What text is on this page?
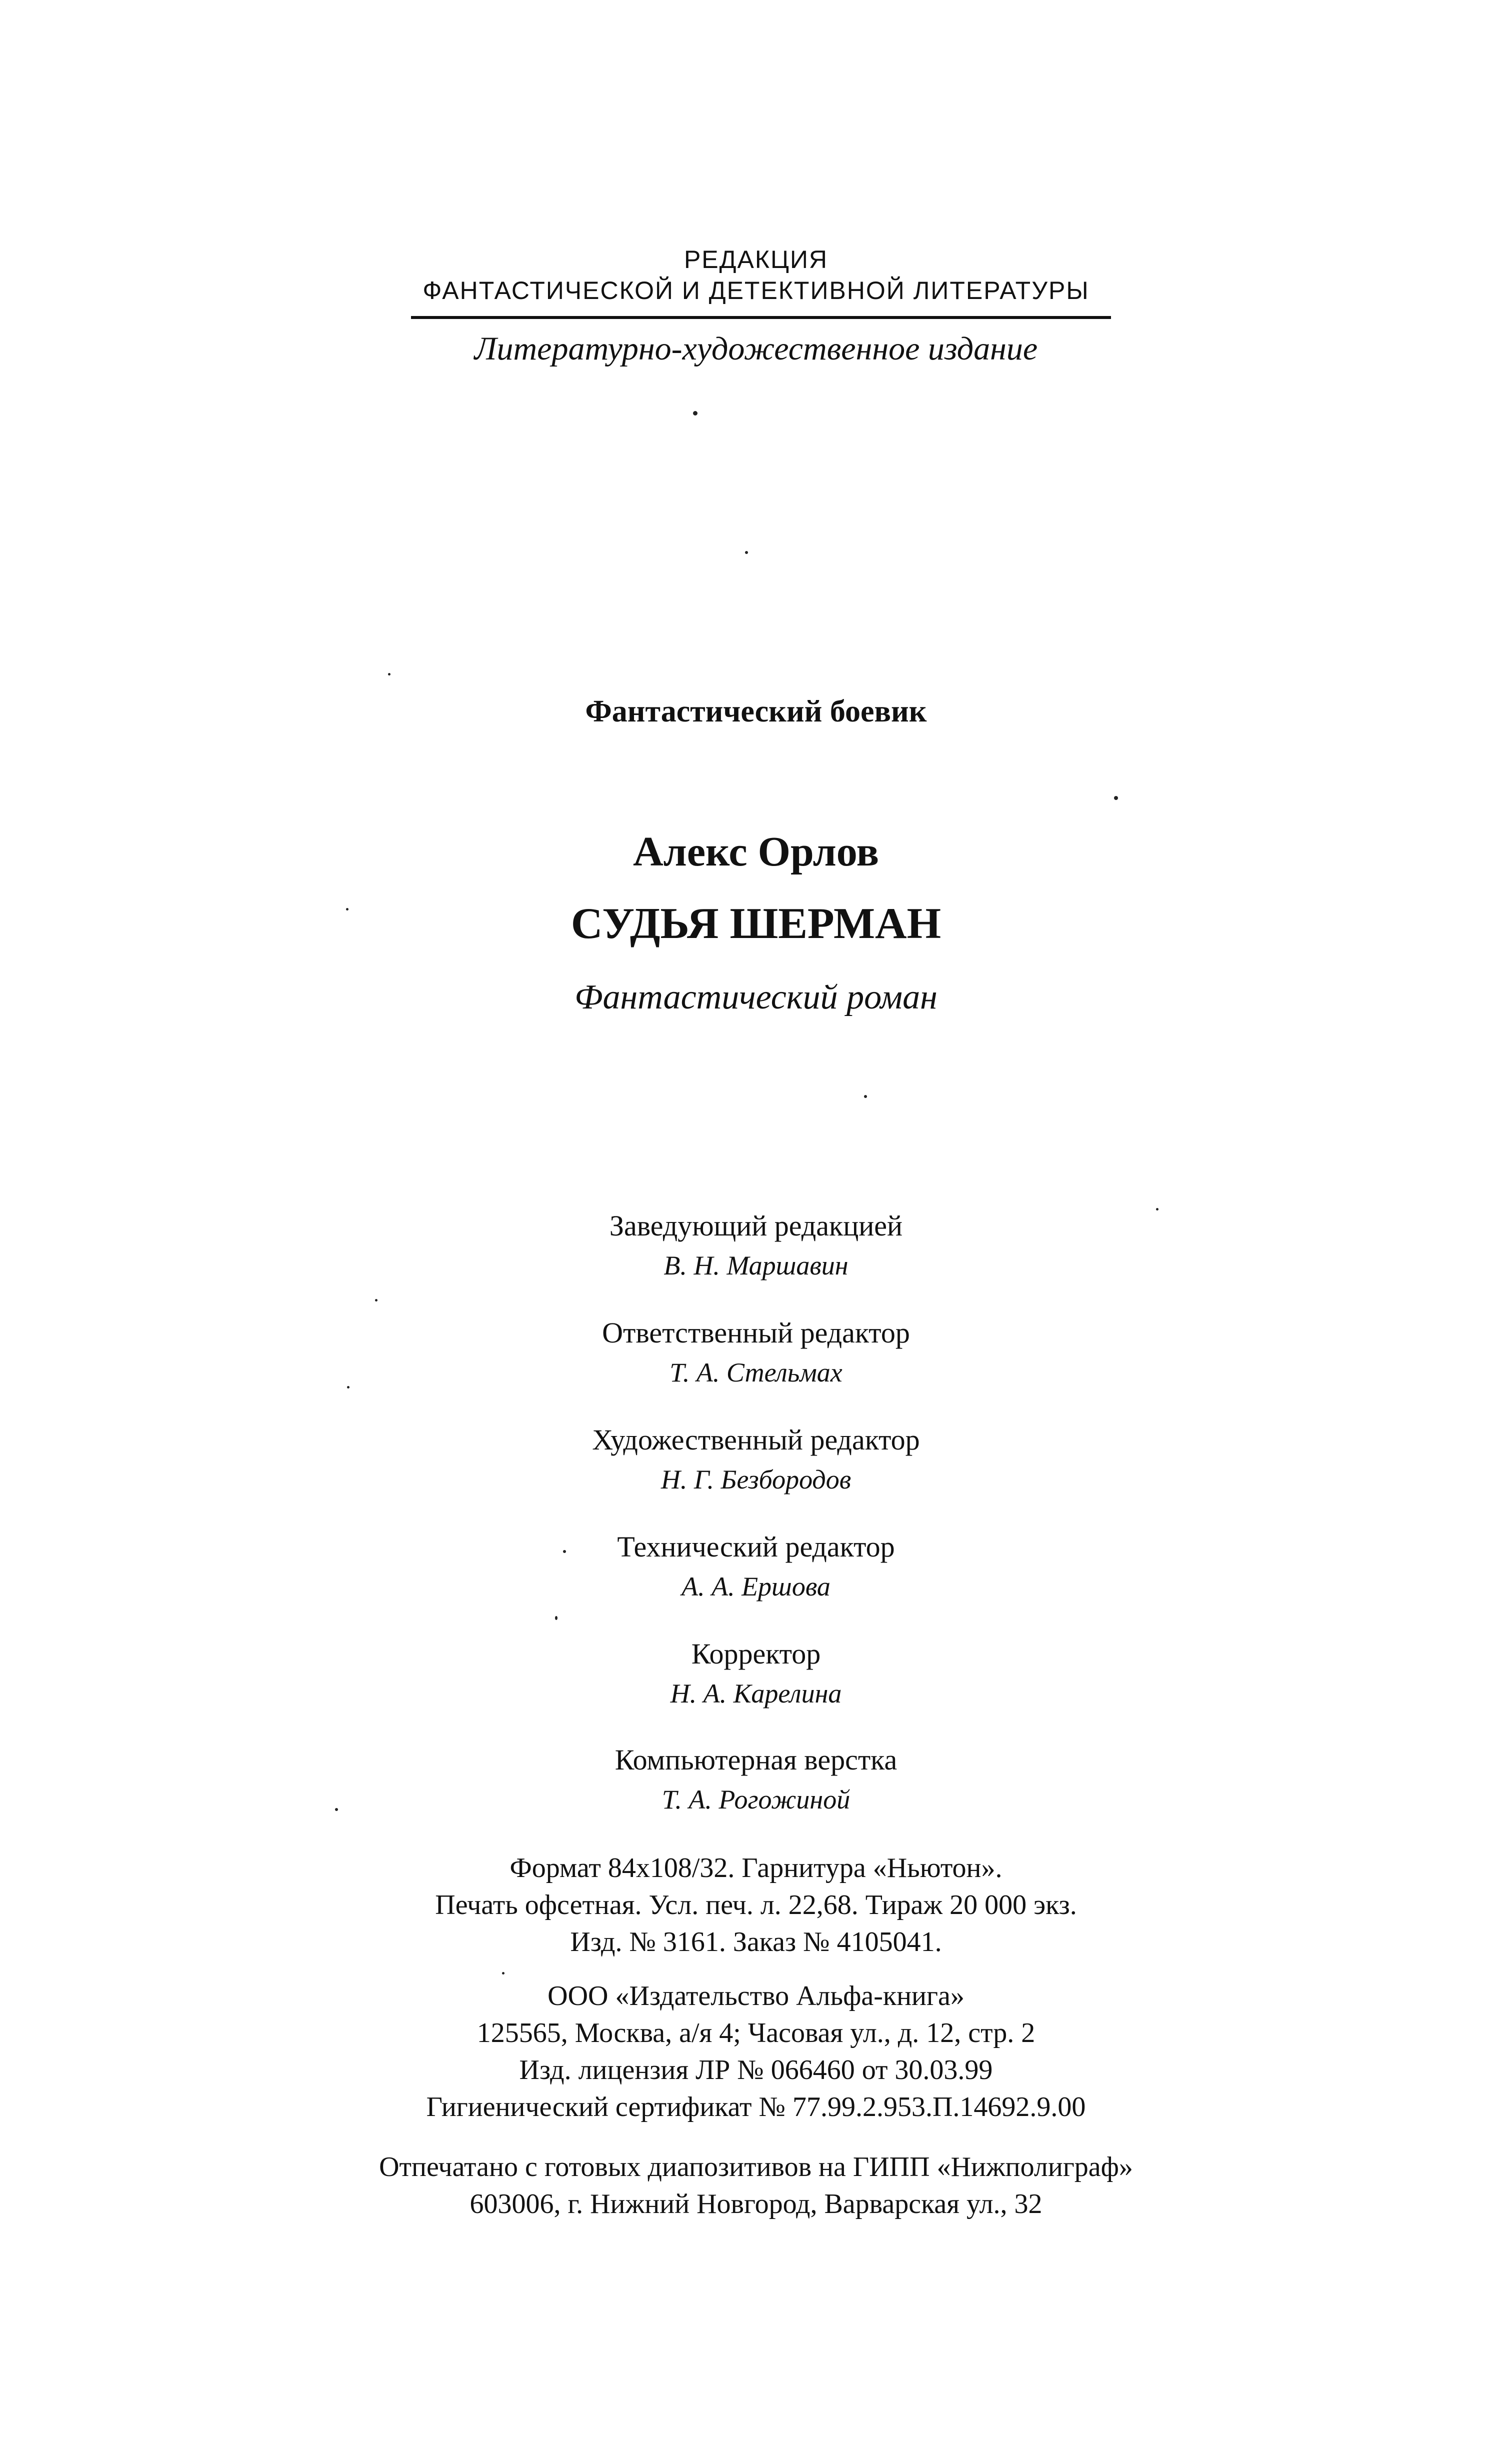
РЕДАКЦИЯ
ФАНТАСТИЧЕСКОЙ И ДЕТЕКТИВНОЙ ЛИТЕРАТУРЫ
Литературно-художественное издание
Фантастический боевик
Алекс Орлов
СУДЬЯ ШЕРМАН
Фантастический роман
Заведующий редакцией
В. Н. Маршавин
Ответственный редактор
Т. А. Стельмах
Художественный редактор
Н. Г. Безбородов
Технический редактор
А. А. Ершова
Корректор
Н. А. Карелина
Компьютерная верстка
Т. А. Рогожиной
Формат 84x108/32. Гарнитура «Ньютон».
Печать офсетная. Усл. печ. л. 22,68. Тираж 20 000 экз.
Изд. № 3161. Заказ № 4105041.
ООО «Издательство Альфа-книга»
125565, Москва, а/я 4; Часовая ул., д. 12, стр. 2
Изд. лицензия ЛР № 066460 от 30.03.99
Гигиенический сертификат № 77.99.2.953.П.14692.9.00
Отпечатано с готовых диапозитивов на ГИПП «Нижполиграф»
603006, г. Нижний Новгород, Варварская ул., 32
